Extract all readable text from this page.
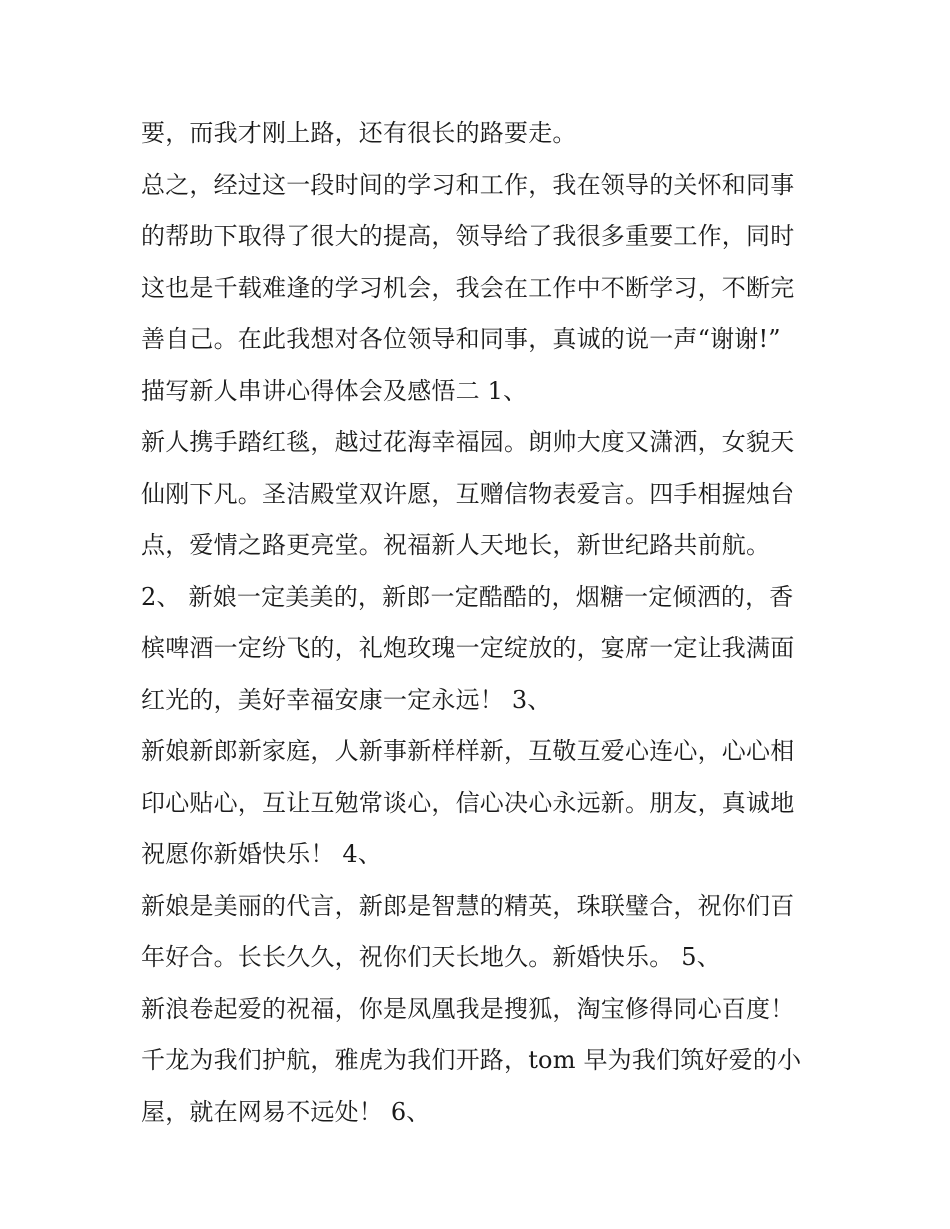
要，而我才刚上路，还有很长的路要走。
总之，经过这一段时间的学习和工作，我在领导的关怀和同事
的帮助下取得了很大的提高，领导给了我很多重要工作，同时
这也是千载难逢的学习机会，我会在工作中不断学习，不断完
善自己。在此我想对各位领导和同事，真诚的说一声“谢谢!”
描写新人串讲心得体会及感悟二 1、
新人携手踏红毯，越过花海幸福园。朗帅大度又潇洒，女貌天
仙刚下凡。圣洁殿堂双许愿，互赠信物表爱言。四手相握烛台
点，爱情之路更亮堂。祝福新人天地长，新世纪路共前航。
2、 新娘一定美美的，新郎一定酷酷的，烟糖一定倾洒的，香
槟啤酒一定纷飞的，礼炮玫瑰一定绽放的，宴席一定让我满面
红光的，美好幸福安康一定永远！ 3、
新娘新郎新家庭，人新事新样样新，互敬互爱心连心，心心相
印心贴心，互让互勉常谈心，信心决心永远新。朋友，真诚地
祝愿你新婚快乐！ 4、
新娘是美丽的代言，新郎是智慧的精英，珠联璧合，祝你们百
年好合。长长久久，祝你们天长地久。新婚快乐。 5、
新浪卷起爱的祝福，你是凤凰我是搜狐，淘宝修得同心百度！
千龙为我们护航，雅虎为我们开路，tom 早为我们筑好爱的小
屋，就在网易不远处！ 6、
